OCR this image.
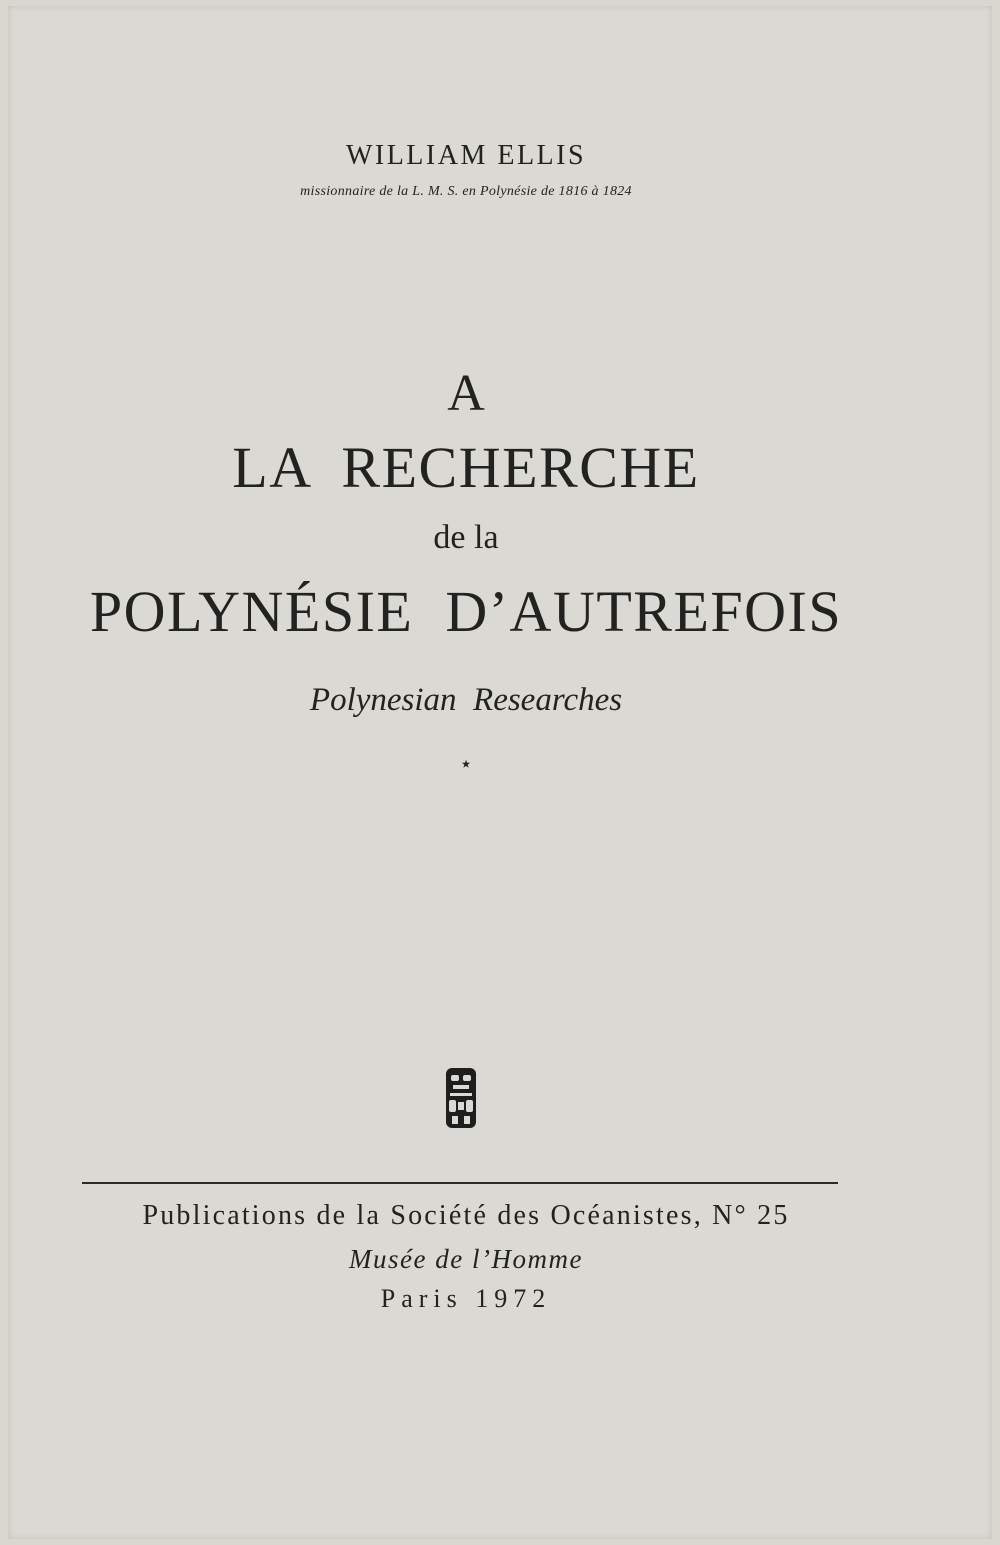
WILLIAM ELLIS
missionnaire de la L. M. S. en Polynésie de 1816 à 1824
A
LA  RECHERCHE
de la
POLYNÉSIE  D’AUTREFOIS
Polynesian  Researches
⋆
Publications de la Société des Océanistes, N° 25
Musée de l’Homme
Paris 1972
